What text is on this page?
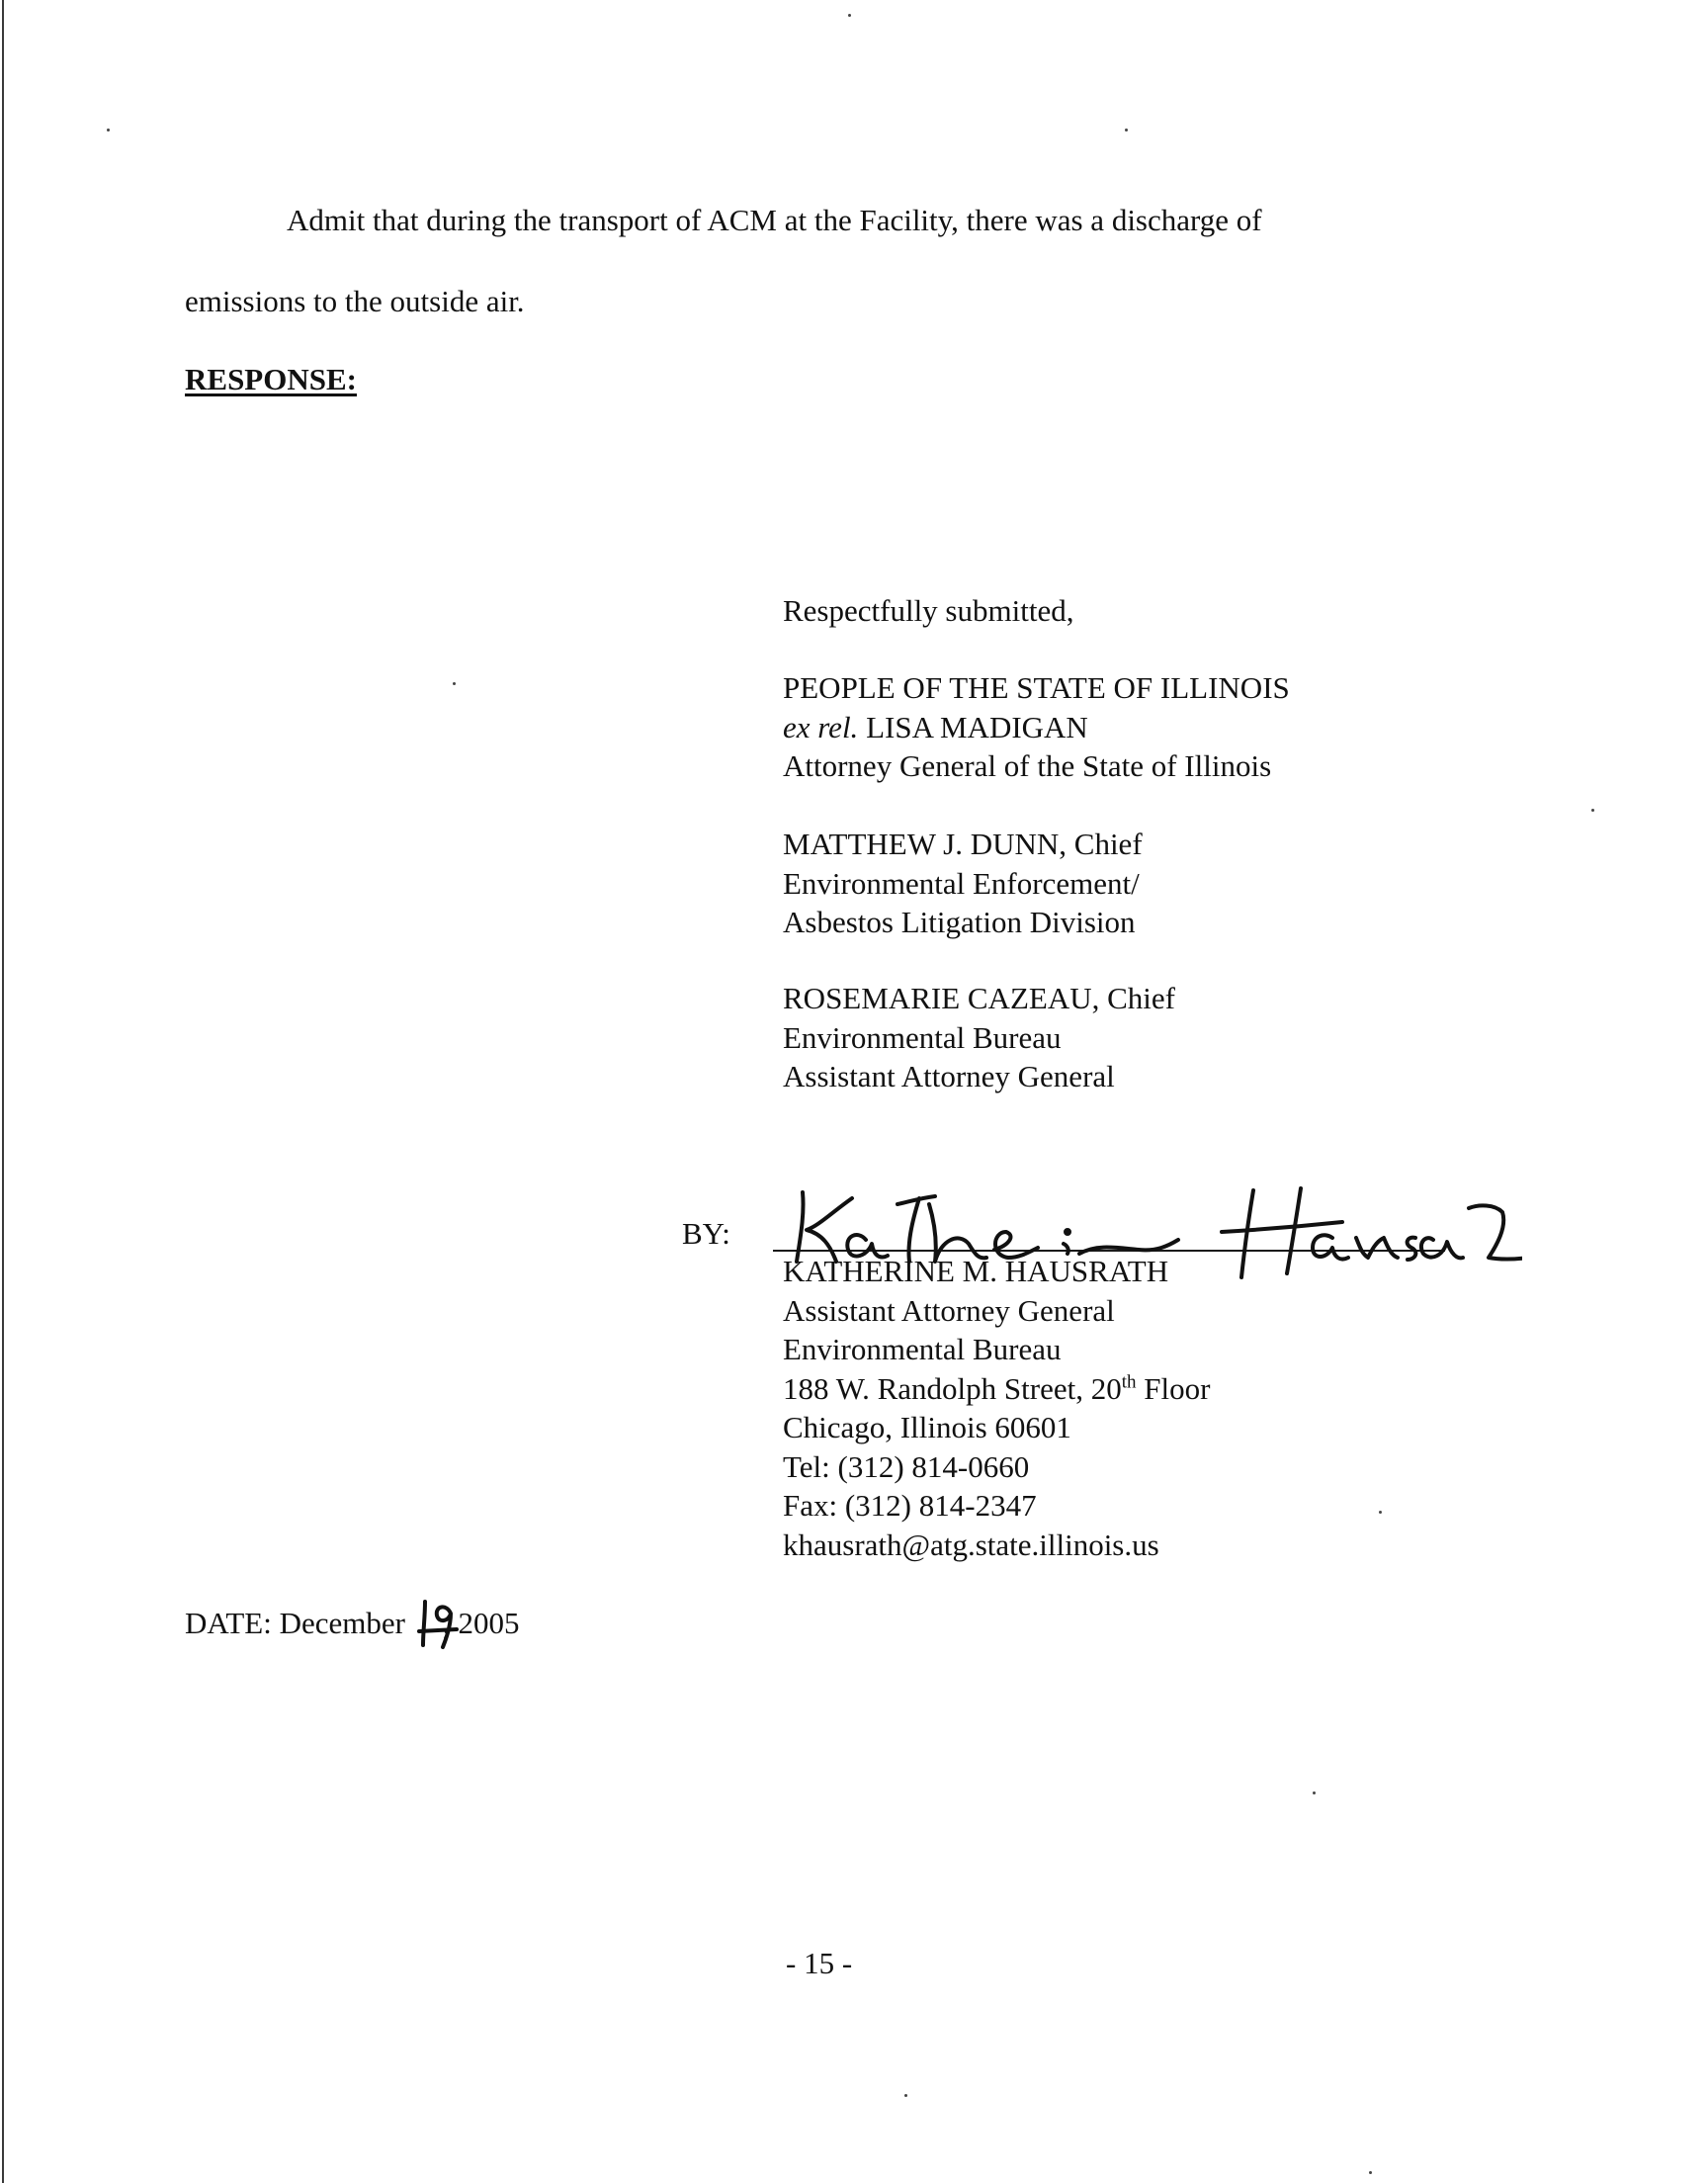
Admit that during the transport of ACM at the Facility, there was a discharge of
emissions to the outside air.
RESPONSE:
Respectfully submitted,
PEOPLE OF THE STATE OF ILLINOIS
ex rel. LISA MADIGAN
Attorney General of the State of Illinois
MATTHEW J. DUNN, Chief
Environmental Enforcement/
Asbestos Litigation Division
ROSEMARIE CAZEAU, Chief
Environmental Bureau
Assistant Attorney General
BY:
KATHERINE M. HAUSRATH
Assistant Attorney General
Environmental Bureau
188 W. Randolph Street, 20th Floor
Chicago, Illinois 60601
Tel: (312) 814-0660
Fax: (312) 814-2347
khausrath@atg.state.illinois.us
DATE: December , 2005
- 15 -
